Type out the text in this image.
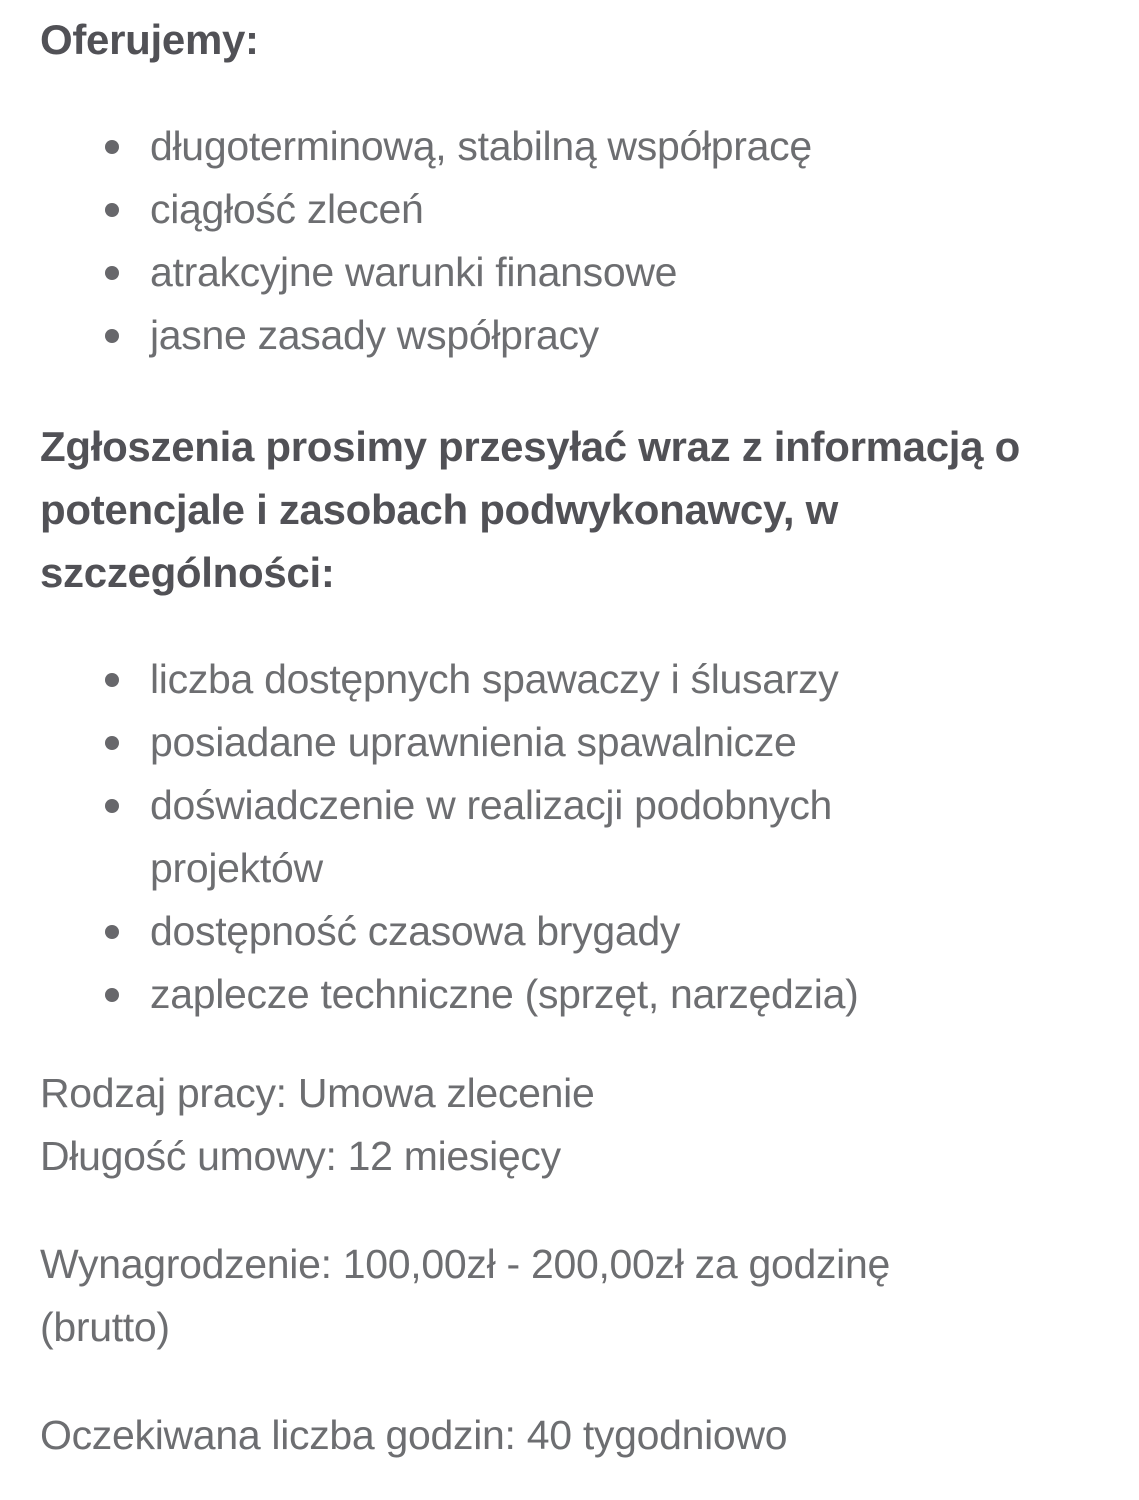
Oferujemy:
długoterminową, stabilną współpracę
ciągłość zleceń
atrakcyjne warunki finansowe
jasne zasady współpracy
Zgłoszenia prosimy przesyłać wraz z informacją o potencjale i zasobach podwykonawcy, w szczególności:
liczba dostępnych spawaczy i ślusarzy
posiadane uprawnienia spawalnicze
doświadczenie w realizacji podobnych projektów
dostępność czasowa brygady
zaplecze techniczne (sprzęt, narzędzia)

Rodzaj pracy: Umowa zlecenie
Długość umowy: 12 miesięcy

Wynagrodzenie: 100,00zł - 200,00zł za godzinę (brutto)

Oczekiwana liczba godzin: 40 tygodniowo
